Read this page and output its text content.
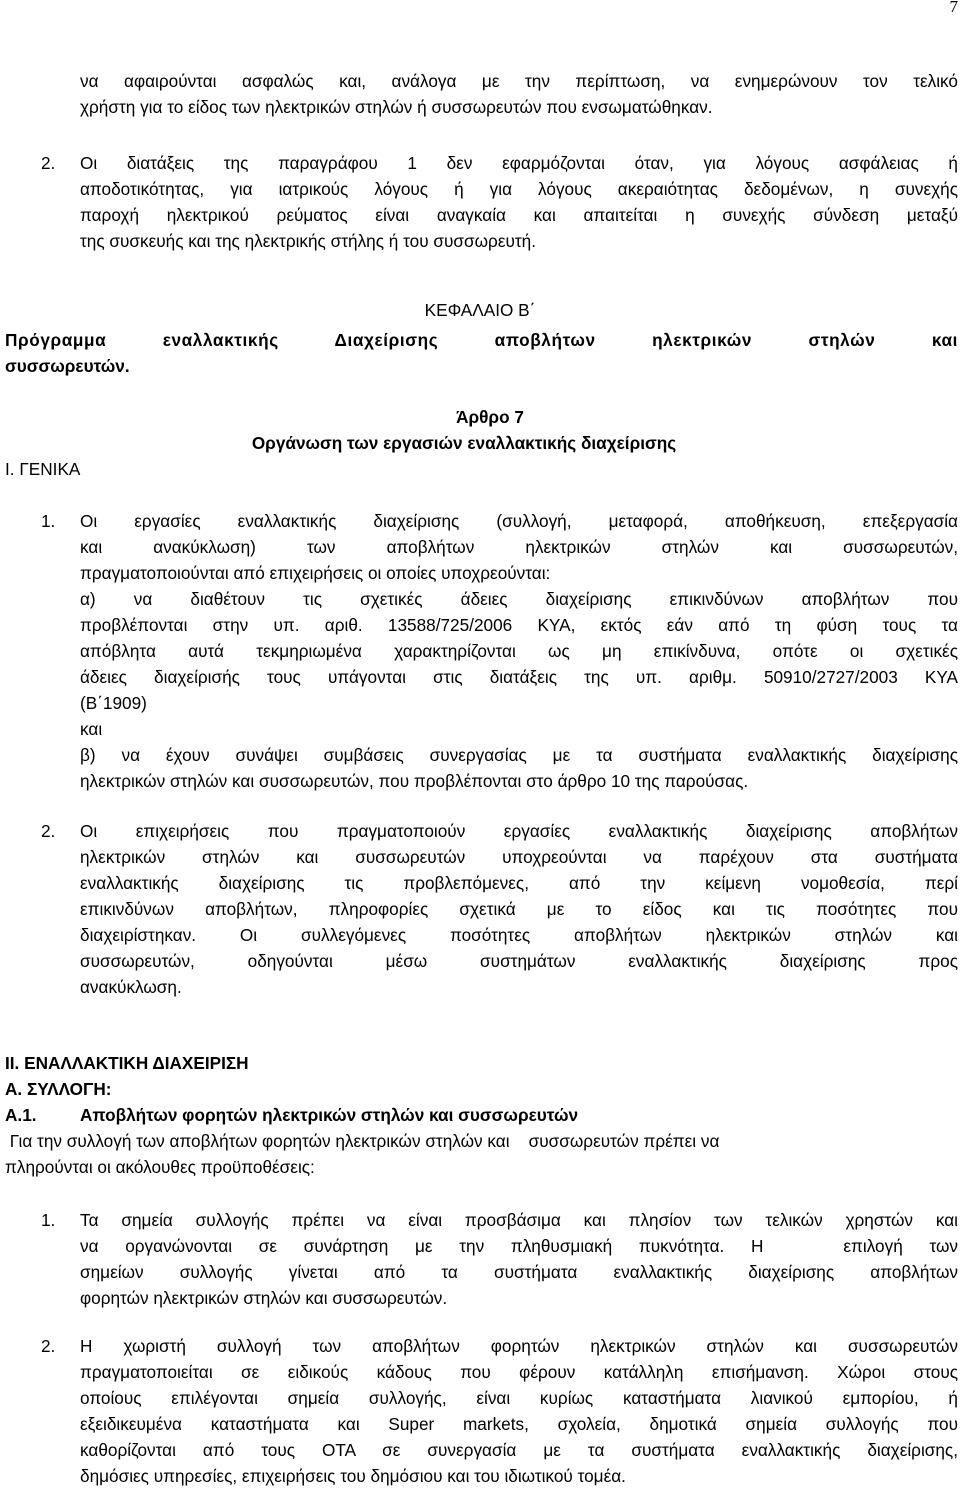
7
να αφαιρούνται ασφαλώς και, ανάλογα με την περίπτωση, να ενημερώνουν τον τελικό
χρήστη για το είδος των ηλεκτρικών στηλών ή συσσωρευτών που ενσωματώθηκαν.
2. Οι διατάξεις της παραγράφου 1 δεν εφαρμόζονται όταν, για λόγους ασφάλειας ή
αποδοτικότητας, για ιατρικούς λόγους ή για λόγους ακεραιότητας δεδομένων, η συνεχής
παροχή ηλεκτρικού ρεύματος είναι αναγκαία και απαιτείται η συνεχής σύνδεση μεταξύ
της συσκευής και της ηλεκτρικής στήλης ή του συσσωρευτή.
ΚΕΦΑΛΑΙΟ Β΄
Πρόγραμμα εναλλακτικής Διαχείρισης αποβλήτων ηλεκτρικών στηλών και
συσσωρευτών.
Άρθρο 7
Οργάνωση των εργασιών εναλλακτικής διαχείρισης
Ι. ΓΕΝΙΚΑ
1. Οι εργασίες εναλλακτικής διαχείρισης (συλλογή, μεταφορά, αποθήκευση, επεξεργασία
και ανακύκλωση) των αποβλήτων ηλεκτρικών στηλών και συσσωρευτών,
πραγματοποιούνται από επιχειρήσεις οι οποίες υποχρεούνται:
α) να διαθέτουν τις σχετικές άδειες διαχείρισης επικινδύνων αποβλήτων που
προβλέπονται στην υπ. αριθ. 13588/725/2006 ΚΥΑ, εκτός εάν από τη φύση τους τα
απόβλητα αυτά τεκμηριωμένα χαρακτηρίζονται ως μη επικίνδυνα, οπότε οι σχετικές
άδειες διαχείρισής τους υπάγονται στις διατάξεις της υπ. αριθμ. 50910/2727/2003 ΚΥΑ
(Β΄1909)
και
β) να έχουν συνάψει συμβάσεις συνεργασίας με τα συστήματα εναλλακτικής διαχείρισης
ηλεκτρικών στηλών και συσσωρευτών, που προβλέπονται στο άρθρο 10 της παρούσας.
2. Οι επιχειρήσεις που πραγματοποιούν εργασίες εναλλακτικής διαχείρισης αποβλήτων
ηλεκτρικών στηλών και συσσωρευτών υποχρεούνται να παρέχουν στα συστήματα
εναλλακτικής διαχείρισης τις προβλεπόμενες, από την κείμενη νομοθεσία, περί
επικινδύνων αποβλήτων, πληροφορίες σχετικά με το είδος και τις ποσότητες που
διαχειρίστηκαν. Οι συλλεγόμενες ποσότητες αποβλήτων ηλεκτρικών στηλών και
συσσωρευτών, οδηγούνται μέσω συστημάτων εναλλακτικής διαχείρισης προς
ανακύκλωση.
ΙΙ. ΕΝΑΛΛΑΚΤΙΚΗ ΔΙΑΧΕΙΡΙΣΗ
Α. ΣΥΛΛΟΓΗ:
Α.1.	Αποβλήτων φορητών ηλεκτρικών στηλών και συσσωρευτών
Για την συλλογή των αποβλήτων φορητών ηλεκτρικών στηλών και    συσσωρευτών πρέπει να
πληρούνται οι ακόλουθες προϋποθέσεις:
1. Τα σημεία συλλογής πρέπει να είναι προσβάσιμα και πλησίον των τελικών χρηστών και
να οργανώνονται σε συνάρτηση με την πληθυσμιακή πυκνότητα. Η   επιλογή των
σημείων συλλογής γίνεται από τα συστήματα εναλλακτικής διαχείρισης αποβλήτων
φορητών ηλεκτρικών στηλών και συσσωρευτών.
2. Η χωριστή συλλογή των αποβλήτων φορητών ηλεκτρικών στηλών και συσσωρευτών
πραγματοποιείται σε ειδικούς κάδους που φέρουν κατάλληλη επισήμανση. Χώροι στους
οποίους επιλέγονται σημεία συλλογής, είναι κυρίως καταστήματα λιανικού εμπορίου, ή
εξειδικευμένα καταστήματα και Super markets, σχολεία, δημοτικά σημεία συλλογής που
καθορίζονται από τους ΟΤΑ σε συνεργασία με τα συστήματα εναλλακτικής διαχείρισης,
δημόσιες υπηρεσίες, επιχειρήσεις του δημόσιου και του ιδιωτικού τομέα.
